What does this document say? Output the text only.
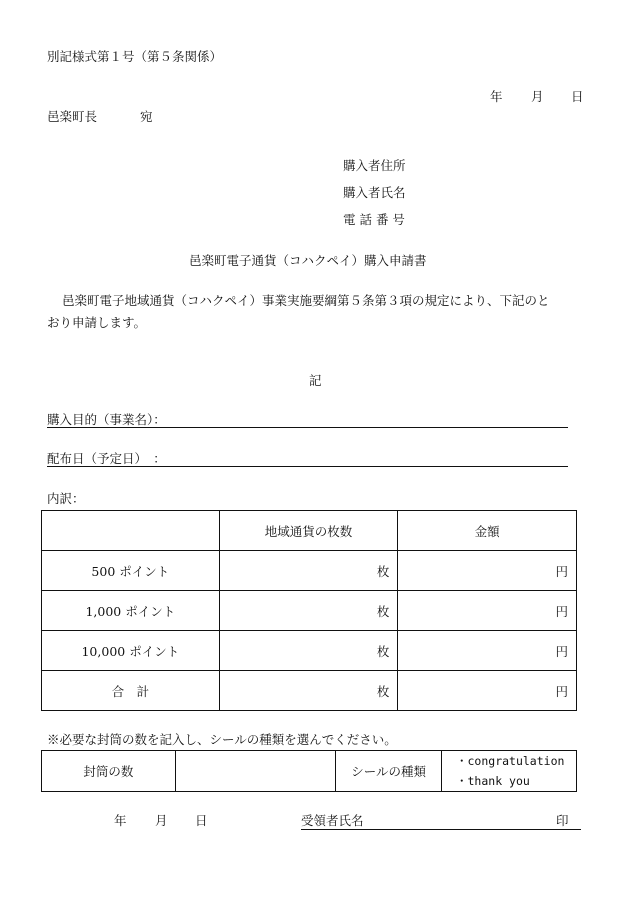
別記様式第１号（第５条関係）
年 月 日
邑楽町長	宛
購入者住所
購入者氏名
電 話 番 号
邑楽町電子通貨（コハクペイ）購入申請書
邑楽町電子地域通貨（コハクペイ）事業実施要綱第５条第３項の規定により、下記のと
おり申請します。
記
購入目的（事業名）：
配布日（予定日）　：
内訳：
	地域通貨の枚数	金額
500 ポイント	枚	円
1,000 ポイント	枚	円
10,000 ポイント	枚	円
合　計	枚	円
※必要な封筒の数を記入し、シールの種類を選んでください。
封筒の数		シールの種類	
・congratulation
・thank you
年 月 日	受領者氏名	印
